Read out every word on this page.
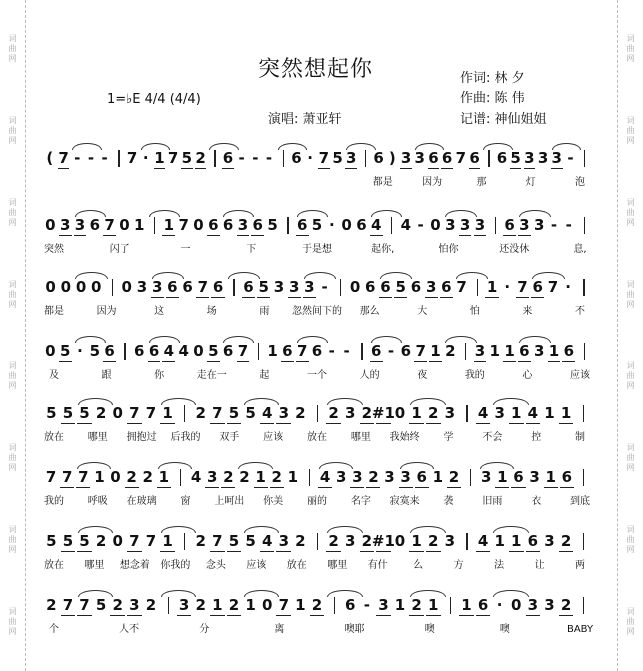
词
曲
网
词
曲
网
词
曲
网
词
曲
网
词
曲
网
词
曲
网
词
曲
网
词
曲
网
词
曲
网
词
曲
网
词
曲
网
词
曲
网
词
曲
网
词
曲
网
词
曲
网
词
曲
网
突然想起你
1=♭E 4/4 (4/4)
演唱: 萧亚轩
作词: 林 夕
作曲: 陈 伟
记谱: 神仙姐姐
( 7 - - - 7 · 1 7 5 2 6 - - - 6 · 7 5 3 6 ) 3 3 6 6 7 6 6 5 3 3 3 -
都是	因为	那	灯	泡
0 3 3 6 7 0 1 1 7 0 6 6 3 6 5 6 5 · 0 6 4 4 - 0 3 3 3 6 3 3 - -
突然	闪了	一	下	于是想	起你,	怕你	还没休	息,
0 0 0 0 0 3 3 6 6 7 6 6 5 3 3 3 - 0 6 6 5 6 3 6 7 1 · 7 6 7 ·
都是	因为	这	场	雨 忽然间下的 那么	大	怕	来	不
0 5 · 5 6 6 6 4 4 0 5 6 7 1 6 7 6 - - 6 - 6 7 1 2 3 1 1 6 3 1 6
及	跟	你	走在一	起	一个	人的	夜	我的	心	应该
5 5 5 2 0 7 7 1 2 7 5 5 4 3 2 2 3 2 #1 0 1 2 3 4 3 1 4 1 1
放在 哪里 拥抱过 后我的 双手 应该 放在 哪里 我始终 学	不会	控	制
7 7 7 1 0 2 2 1 4 3 2 2 1 2 1 4 3 3 2 3 3 6 1 2 3 1 6 3 1 6
我的 呼吸 在玻璃 窗 上呵出 你美 丽的 名字 寂寞来 袭	旧雨	衣	到底
5 5 5 2 0 7 7 1 2 7 5 5 4 3 2 2 3 2 #1 0 1 2 3 4 1 1 6 3 2
放在 哪里 想念着 你我的 念头 应该 放在 哪里 有什	么	方	法	让	两
2 7 7 5 2 3 2 3 2 1 2 1 0 7 1 2 6 - 3 1 2 1 1 6 · 0 3 3 2
个	人不	分	离	噢耶	噢	噢	BABY
